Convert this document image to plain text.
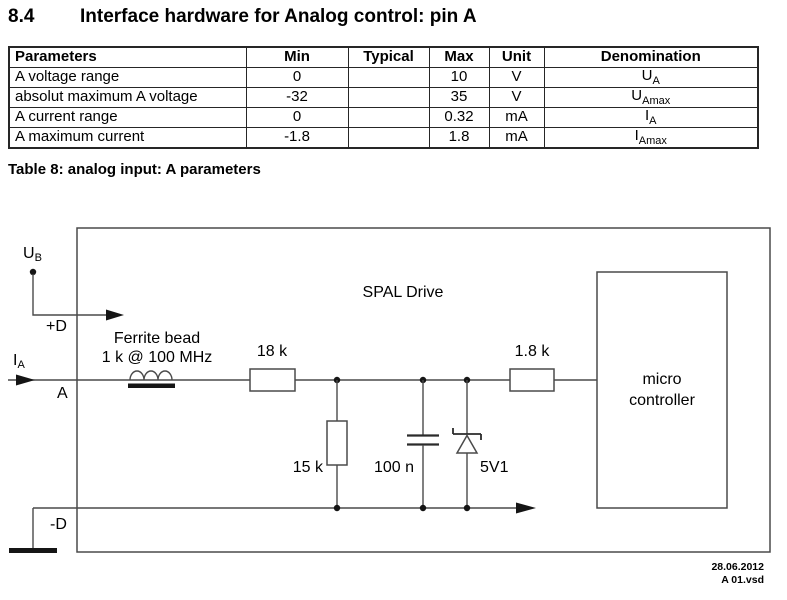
8.4 Interface hardware for Analog control: pin A
Parameters	Min	Typical	Max	Unit	Denomination
A voltage range	0		10	V	$U_A$
absolut maximum A voltage	-32		35	V	$U_{Amax}$
A current range	0		0.32	mA	$I_A$
A maximum current	-1.8		1.8	mA	$I_{Amax}$
Table 8: analog input: A parameters
UB
IA
+D
A
-D
SPAL Drive
Ferrite bead
1 k @ 100 MHz	18 k	1.8 k
15 k	100 n	5V1
micro
controller
28.06.2012
A 01.vsd
